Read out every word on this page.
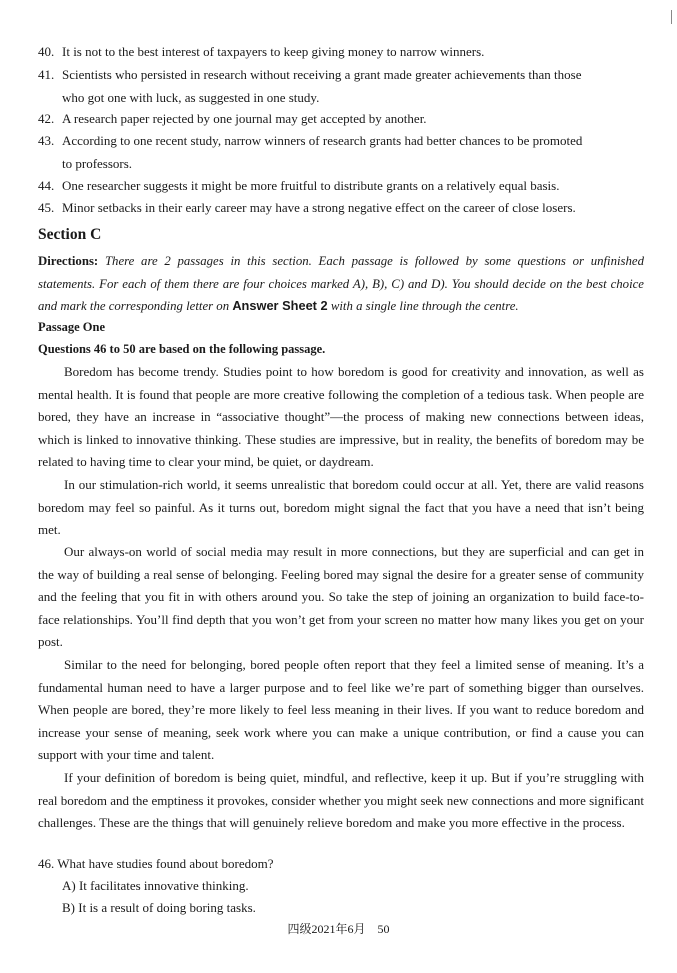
40. It is not to the best interest of taxpayers to keep giving money to narrow winners.
41. Scientists who persisted in research without receiving a grant made greater achievements than those
who got one with luck, as suggested in one study.
42. A research paper rejected by one journal may get accepted by another.
43. According to one recent study, narrow winners of research grants had better chances to be promoted
to professors.
44. One researcher suggests it might be more fruitful to distribute grants on a relatively equal basis.
45. Minor setbacks in their early career may have a strong negative effect on the career of close losers.
Section C
Directions: There are 2 passages in this section. Each passage is followed by some questions or unfinished statements. For each of them there are four choices marked A), B), C) and D). You should decide on the best choice and mark the corresponding letter on Answer Sheet 2 with a single line through the centre.
Passage One
Questions 46 to 50 are based on the following passage.

Boredom has become trendy. Studies point to how boredom is good for creativity and innovation, as well as mental health. It is found that people are more creative following the completion of a tedious task. When people are bored, they have an increase in “associative thought”—the process of making new connections between ideas, which is linked to innovative thinking. These studies are impressive, but in reality, the benefits of boredom may be related to having time to clear your mind, be quiet, or daydream.

In our stimulation-rich world, it seems unrealistic that boredom could occur at all. Yet, there are valid reasons boredom may feel so painful. As it turns out, boredom might signal the fact that you have a need that isn’t being met.

Our always-on world of social media may result in more connections, but they are superficial and can get in the way of building a real sense of belonging. Feeling bored may signal the desire for a greater sense of community and the feeling that you fit in with others around you. So take the step of joining an organization to build face-to-face relationships. You’ll find depth that you won’t get from your screen no matter how many likes you get on your post.

Similar to the need for belonging, bored people often report that they feel a limited sense of meaning. It’s a fundamental human need to have a larger purpose and to feel like we’re part of something bigger than ourselves. When people are bored, they’re more likely to feel less meaning in their lives. If you want to reduce boredom and increase your sense of meaning, seek work where you can make a unique contribution, or find a cause you can support with your time and talent.

If your definition of boredom is being quiet, mindful, and reflective, keep it up. But if you’re struggling with real boredom and the emptiness it provokes, consider whether you might seek new connections and more significant challenges. These are the things that will genuinely relieve boredom and make you more effective in the process.

46. What have studies found about boredom?
A) It facilitates innovative thinking.
B) It is a result of doing boring tasks.
四级2021年6月 50
